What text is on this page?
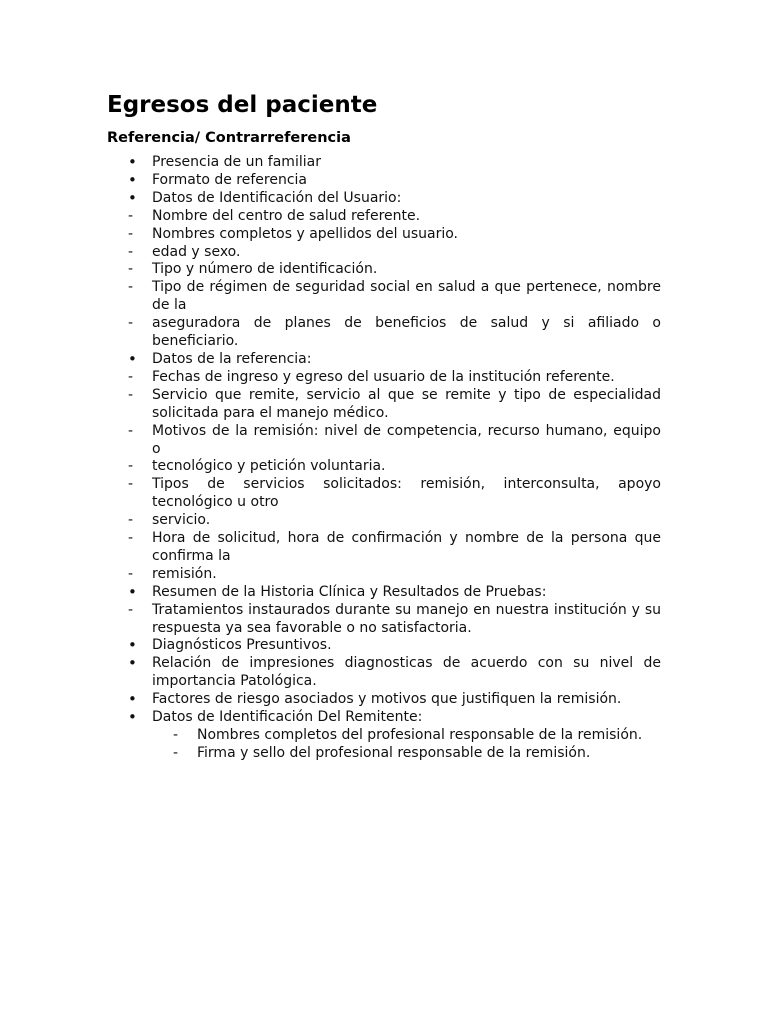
Egresos del paciente
Referencia/ Contrarreferencia
•	Presencia de un familiar
•	Formato de referencia
•	Datos de Identificación del Usuario:
-	Nombre del centro de salud referente.
-	Nombres completos y apellidos del usuario.
-	edad y sexo.
-	Tipo y número de identificación.
-	Tipo de régimen de seguridad social en salud a que pertenece, nombre de la
-	aseguradora de planes de beneficios de salud y si afiliado o beneficiario.
•	Datos de la referencia:
-	Fechas de ingreso y egreso del usuario de la institución referente.
-	Servicio que remite, servicio al que se remite y tipo de especialidad solicitada para el manejo médico.
-	Motivos de la remisión: nivel de competencia, recurso humano, equipo o
-	tecnológico y petición voluntaria.
-	Tipos de servicios solicitados: remisión, interconsulta, apoyo tecnológico u otro
-	servicio.
-	Hora de solicitud, hora de confirmación y nombre de la persona que confirma la
-	remisión.
•	Resumen de la Historia Clínica y Resultados de Pruebas:
-	Tratamientos instaurados durante su manejo en nuestra institución y su respuesta ya sea favorable o no satisfactoria.
•	Diagnósticos Presuntivos.
•	Relación de impresiones diagnosticas de acuerdo con su nivel de importancia Patológica.
•	Factores de riesgo asociados y motivos que justifiquen la remisión.
•	Datos de Identificación Del Remitente:
-	Nombres completos del profesional responsable de la remisión.
-	Firma y sello del profesional responsable de la remisión.
